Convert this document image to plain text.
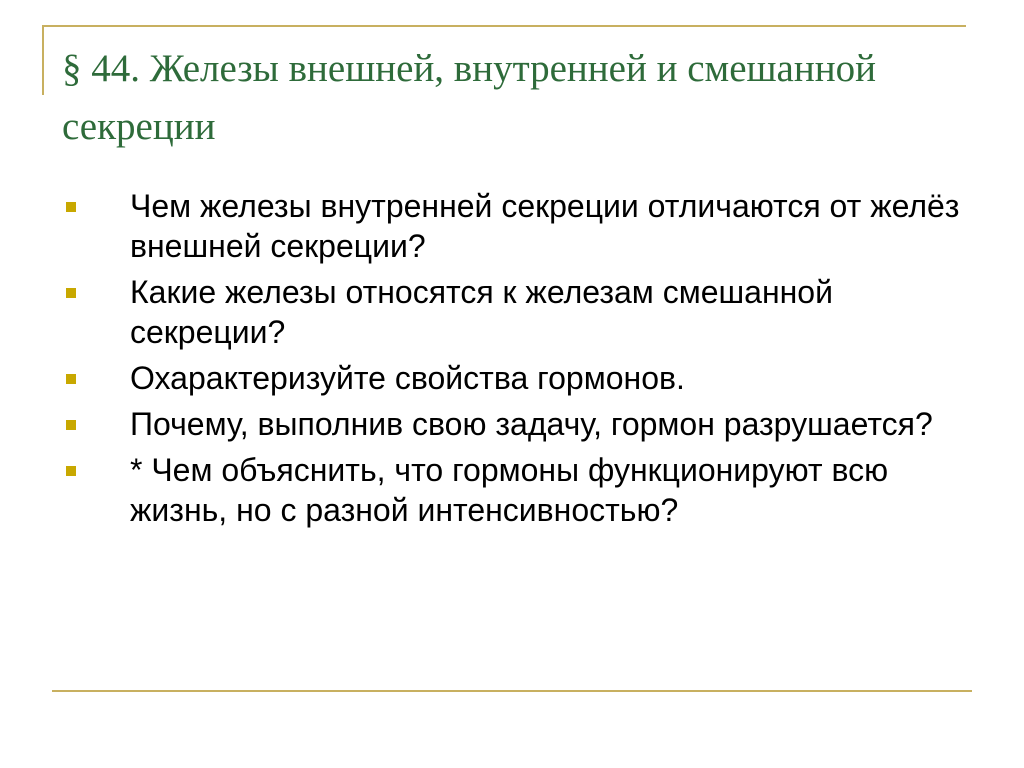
§ 44. Железы внешней, внутренней и смешанной секреции
Чем железы внутренней секреции отличаются от желёз внешней секреции?
Какие железы относятся к железам смешанной секреции?
Охарактеризуйте свойства гормонов.
Почему, выполнив свою задачу, гормон разрушается?
* Чем объяснить, что гормоны функционируют всю жизнь, но с разной интенсивностью?
